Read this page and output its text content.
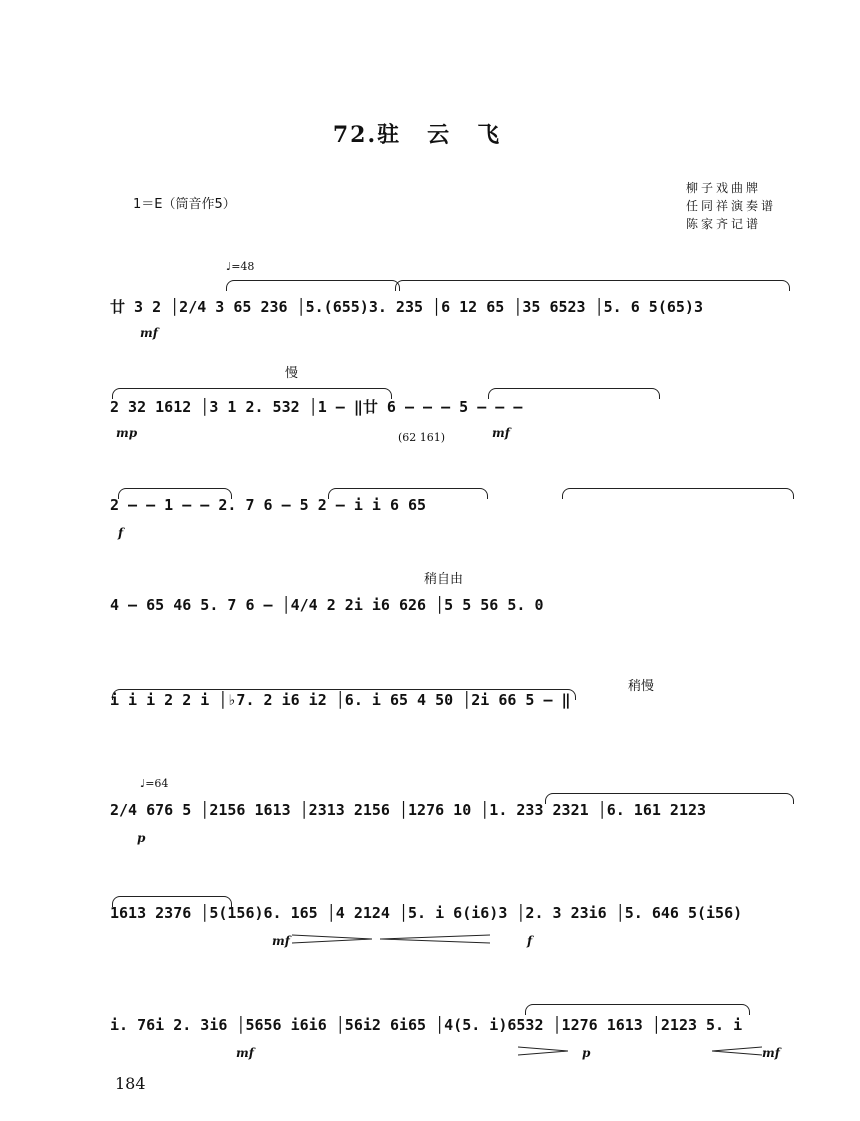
72.驻 云 飞
1＝E（筒音作5）
柳子戏曲牌
任同祥演奏谱
陈家齐记谱
♩=48
廿 3 2 │2/4 3 65 236 │5.(655)3. 235 │6 12 65 │35 6523 │5. 6 5(65)3
mf
慢
2 32 1612 │3 1 2. 532 │1 – ‖廿 6 – – – 5 – – –
(62 161)
mp	mf
2 – – 1 – – 2. 7 6 – 5 2 – i i 6 65
f
稍自由
4 – 65 46 5. 7 6 – │4/4 2 2i i6 626 │5 5 56 5. 0
稍慢
i i i 2 2 i │♭7. 2 i6 i2 │6. i 65 4 50 │2i 66 5 – ‖
♩=64
2/4 676 5 │2156 1613 │2313 2156 │1276 10 │1. 233 2321 │6. 161 2123
p
1613 2376 │5(156)6. 165 │4 2124 │5. i 6(i6)3 │2. 3 23i6 │5. 646 5(i56)
mf	f
i. 76i 2. 3i6 │5656 i6i6 │56i2 6i65 │4(5. i)6532 │1276 1613 │2123 5. i
mf	p	mf
184
